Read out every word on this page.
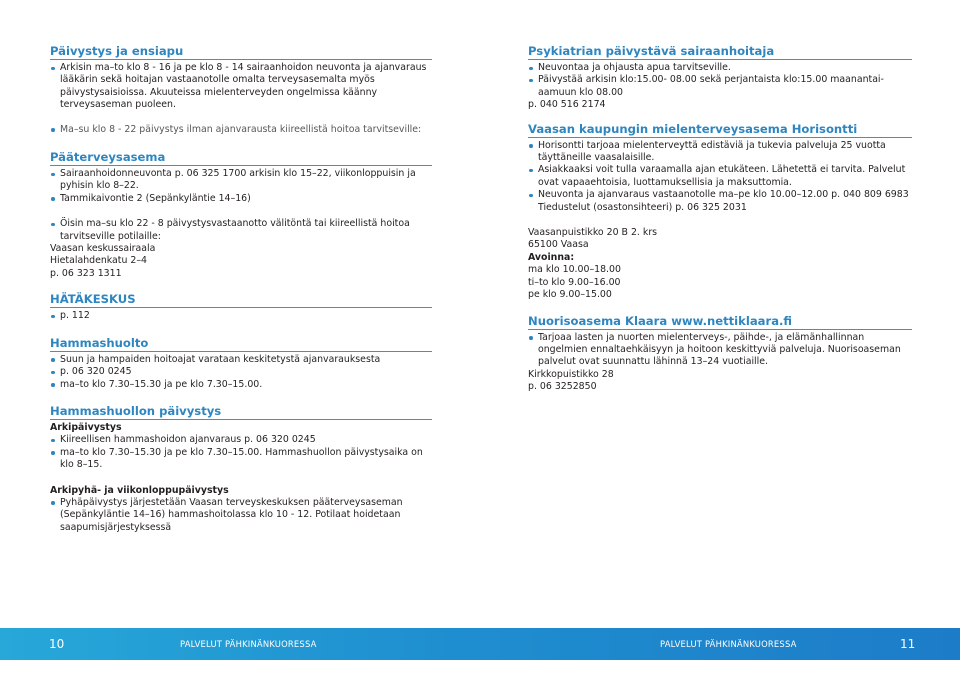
Päivystys ja ensiapu
Arkisin ma–to klo 8 - 16 ja pe klo 8 - 14 sairaanhoidon neuvonta ja ajanvaraus lääkärin sekä hoitajan vastaanotolle omalta terveysasemalta myös päivystysaisioissa. Akuuteissa mielenterveyden ongelmissa käänny terveysaseman puoleen.
Ma–su klo 8 - 22 päivystys ilman ajanvarausta kiireellistä hoitoa tarvitseville:
Pääterveysasema
Sairaanhoidonneuvonta p. 06 325 1700 arkisin klo 15–22, viikonloppuisin ja pyhisin klo 8–22.
Tammikaivontie 2 (Sepänkyläntie 14–16)
Öisin ma–su klo 22 - 8 päivystysvastaanotto välitöntä tai kiireellistä hoitoa tarvitseville potilaille:

Vaasan keskussairaala

Hietalahdenkatu 2–4

p. 06 323 1311

HÄTÄKESKUS
p. 112
Hammashuolto
Suun ja hampaiden hoitoajat varataan keskitetystä ajanvarauksesta
p. 06 320 0245
ma–to klo 7.30–15.30 ja pe klo 7.30–15.00.
Hammashuollon päivystys
Arkipäivystys
Kiireellisen hammashoidon ajanvaraus p. 06 320 0245
ma–to klo 7.30–15.30 ja pe klo 7.30–15.00. Hammashuollon päivystysaika on klo 8–15.
Arkipyhä- ja viikonloppupäivystys
Pyhäpäivystys järjestetään Vaasan terveyskeskuksen pääterveysaseman (Sepänkyläntie 14–16) hammashoitolassa klo 10 - 12. Potilaat hoidetaan saapumisjärjestyksessä
Psykiatrian päivystävä sairaanhoitaja
Neuvontaa ja ohjausta apua tarvitseville.
Päivystää arkisin klo:15.00- 08.00 sekä perjantaista klo:15.00 maanantai- aamuun klo 08.00

p. 040 516 2174

Vaasan kaupungin mielenterveysasema Horisontti
Horisontti tarjoaa mielenterveyttä edistäviä ja tukevia palveluja 25 vuotta täyttäneille vaasalaisille.
Asiakkaaksi voit tulla varaamalla ajan etukäteen. Lähetettä ei tarvita. Palvelut ovat vapaaehtoisia, luottamuksellisia ja maksuttomia.
Neuvonta ja ajanvaraus vastaanotolle ma–pe klo 10.00–12.00 p. 040 809 6983 Tiedustelut (osastonsihteeri) p. 06 325 2031

Vaasanpuistikko 20 B 2. krs

65100 Vaasa

Avoinna:

ma klo 10.00–18.00

ti–to klo 9.00–16.00

pe klo 9.00–15.00

Nuorisoasema Klaara www.nettiklaara.fi
Tarjoaa lasten ja nuorten mielenterveys-, päihde-, ja elämänhallinnan ongelmien ennaltaehkäisyyn ja hoitoon keskittyviä palveluja. Nuorisoaseman palvelut ovat suunnattu lähinnä 13–24 vuotiaille.

Kirkkopuistikko 28

p. 06 3252850

10	PALVELUT PÄHKINÄNKUORESSA	PALVELUT PÄHKINÄNKUORESSA	11
